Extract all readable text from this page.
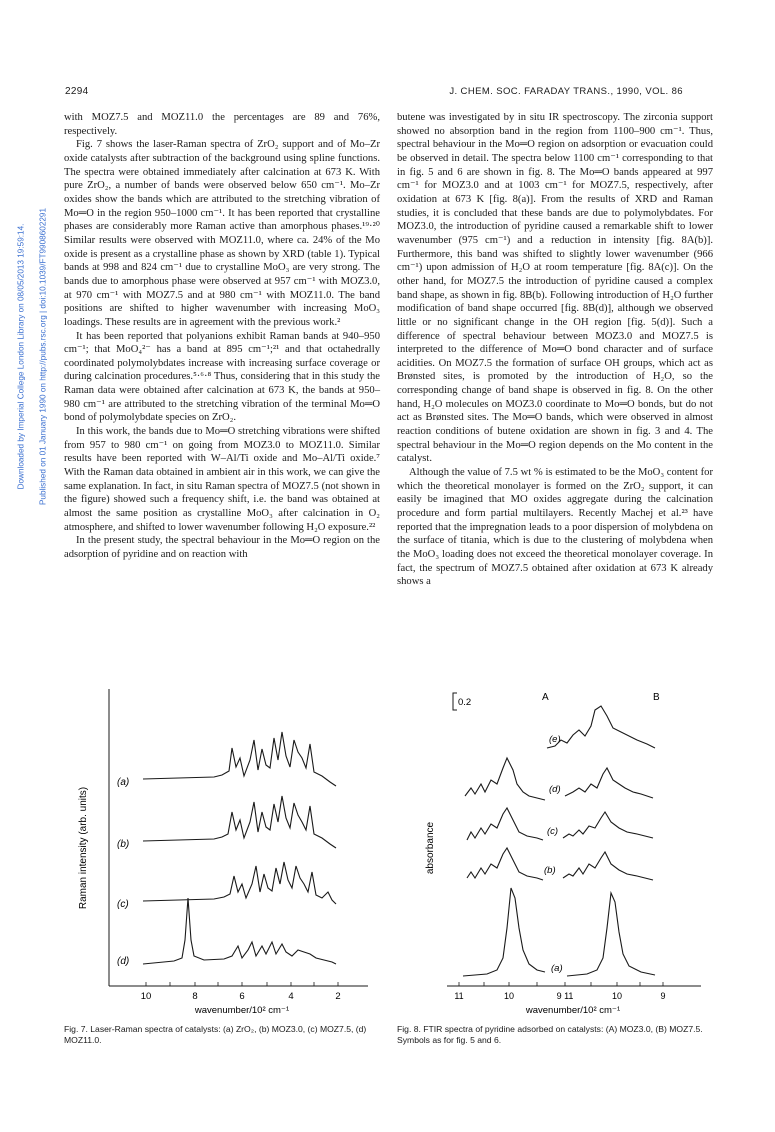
2294	J. CHEM. SOC. FARADAY TRANS., 1990, VOL. 86
Downloaded by Imperial College London Library on 08/05/2013 19:59:14. Published on 01 January 1990 on http://pubs.rsc.org | doi:10.1039/FT9908602291

with MOZ7.5 and MOZ11.0 the percentages are 89 and 76%, respectively.

Fig. 7 shows the laser-Raman spectra of ZrO₂ support and of Mo–Zr oxide catalysts after subtraction of the background using spline functions. The spectra were obtained immediately after calcination at 673 K. With pure ZrO₂, a number of bands were observed below 650 cm⁻¹. Mo–Zr oxides show the bands which are attributed to the stretching vibration of Mo═O in the region 950–1000 cm⁻¹. It has been reported that crystalline phases are considerably more Raman active than amorphous phases.¹⁹·²⁰ Similar results were observed with MOZ11.0, where ca. 24% of the Mo oxide is present as a crystalline phase as shown by XRD (table 1). Typical bands at 998 and 824 cm⁻¹ due to crystalline MoO₃ are very strong. The bands due to amorphous phase were observed at 957 cm⁻¹ with MOZ3.0, at 970 cm⁻¹ with MOZ7.5 and at 980 cm⁻¹ with MOZ11.0. The band positions are shifted to higher wavenumber with increasing MoO₃ loadings. These results are in agreement with the previous work.²

It has been reported that polyanions exhibit Raman bands at 940–950 cm⁻¹; that MoO₄²⁻ has a band at 895 cm⁻¹;²¹ and that octahedrally coordinated polymolybdates increase with increasing surface coverage or during calcination procedures.⁵·⁶·⁸ Thus, considering that in this study the Raman data were obtained after calcination at 673 K, the bands at 950–980 cm⁻¹ are attributed to the stretching vibration of the terminal Mo═O bond of polymolybdate species on ZrO₂.

In this work, the bands due to Mo═O stretching vibrations were shifted from 957 to 980 cm⁻¹ on going from MOZ3.0 to MOZ11.0. Similar results have been reported with W–Al/Ti oxide and Mo–Al/Ti oxide.⁷ With the Raman data obtained in ambient air in this work, we can give the same explanation. In fact, in situ Raman spectra of MOZ7.5 (not shown in the figure) showed such a frequency shift, i.e. the band was obtained at almost the same position as crystalline MoO₃ after calcination in O₂ atmosphere, and shifted to lower wavenumber following H₂O exposure.²²

In the present study, the spectral behaviour in the Mo═O region on the adsorption of pyridine and on reaction with

butene was investigated by in situ IR spectroscopy. The zirconia support showed no absorption band in the region from 1100–900 cm⁻¹. Thus, spectral behaviour in the Mo═O region on adsorption or evacuation could be observed in detail. The spectra below 1100 cm⁻¹ corresponding to that in fig. 5 and 6 are shown in fig. 8. The Mo═O bands appeared at 997 cm⁻¹ for MOZ3.0 and at 1003 cm⁻¹ for MOZ7.5, respectively, after oxidation at 673 K [fig. 8(a)]. From the results of XRD and Raman studies, it is concluded that these bands are due to polymolybdates. For MOZ3.0, the introduction of pyridine caused a remarkable shift to lower wavenumber (975 cm⁻¹) and a reduction in intensity [fig. 8A(b)]. Furthermore, this band was shifted to slightly lower wavenumber (966 cm⁻¹) upon admission of H₂O at room temperature [fig. 8A(c)]. On the other hand, for MOZ7.5 the introduction of pyridine caused a complex band shape, as shown in fig. 8B(b). Following introduction of H₂O further modification of band shape occurred [fig. 8B(d)], although we observed little or no significant change in the OH region [fig. 5(d)]. Such a difference of spectral behaviour between MOZ3.0 and MOZ7.5 is interpreted to the difference of Mo═O bond character and of surface acidities. On MOZ7.5 the formation of surface OH groups, which act as Brønsted sites, is promoted by the introduction of H₂O, so the corresponding change of band shape is observed in fig. 8. On the other hand, H₂O molecules on MOZ3.0 coordinate to Mo═O bonds, but do not act as Brønsted sites. The Mo═O bands, which were observed in almost reaction conditions of butene oxidation are shown in fig. 3 and 4. The spectral behaviour in the Mo═O region depends on the Mo content in the catalyst.

Although the value of 7.5 wt % is estimated to be the MoO₃ content for which the theoretical monolayer is formed on the ZrO₂ support, it can easily be imagined that MO oxides aggregate during the calcination procedure and form partial multilayers. Recently Machej et al.²³ have reported that the impregnation leads to a poor dispersion of molybdena on the surface of titania, which is due to the clustering of molybdena when the MoO₃ loading does not exceed the theoretical monolayer coverage. In fact, the spectrum of MOZ7.5 obtained after oxidation at 673 K already shows a

Raman intensity (arb. units)
10	8	6	4	2
wavenumber/10² cm⁻¹
(a)
(b)
(c)
(d)
Fig. 7. Laser-Raman spectra of catalysts: (a) ZrO₂, (b) MOZ3.0, (c) MOZ7.5, (d) MOZ11.0.
absorbance
11	10	9 11	10	9
wavenumber/10² cm⁻¹
0.2	A	B
(e)
(d)
(c)
(b)
(a)
Fig. 8. FTIR spectra of pyridine adsorbed on catalysts: (A) MOZ3.0, (B) MOZ7.5. Symbols as for fig. 5 and 6.
